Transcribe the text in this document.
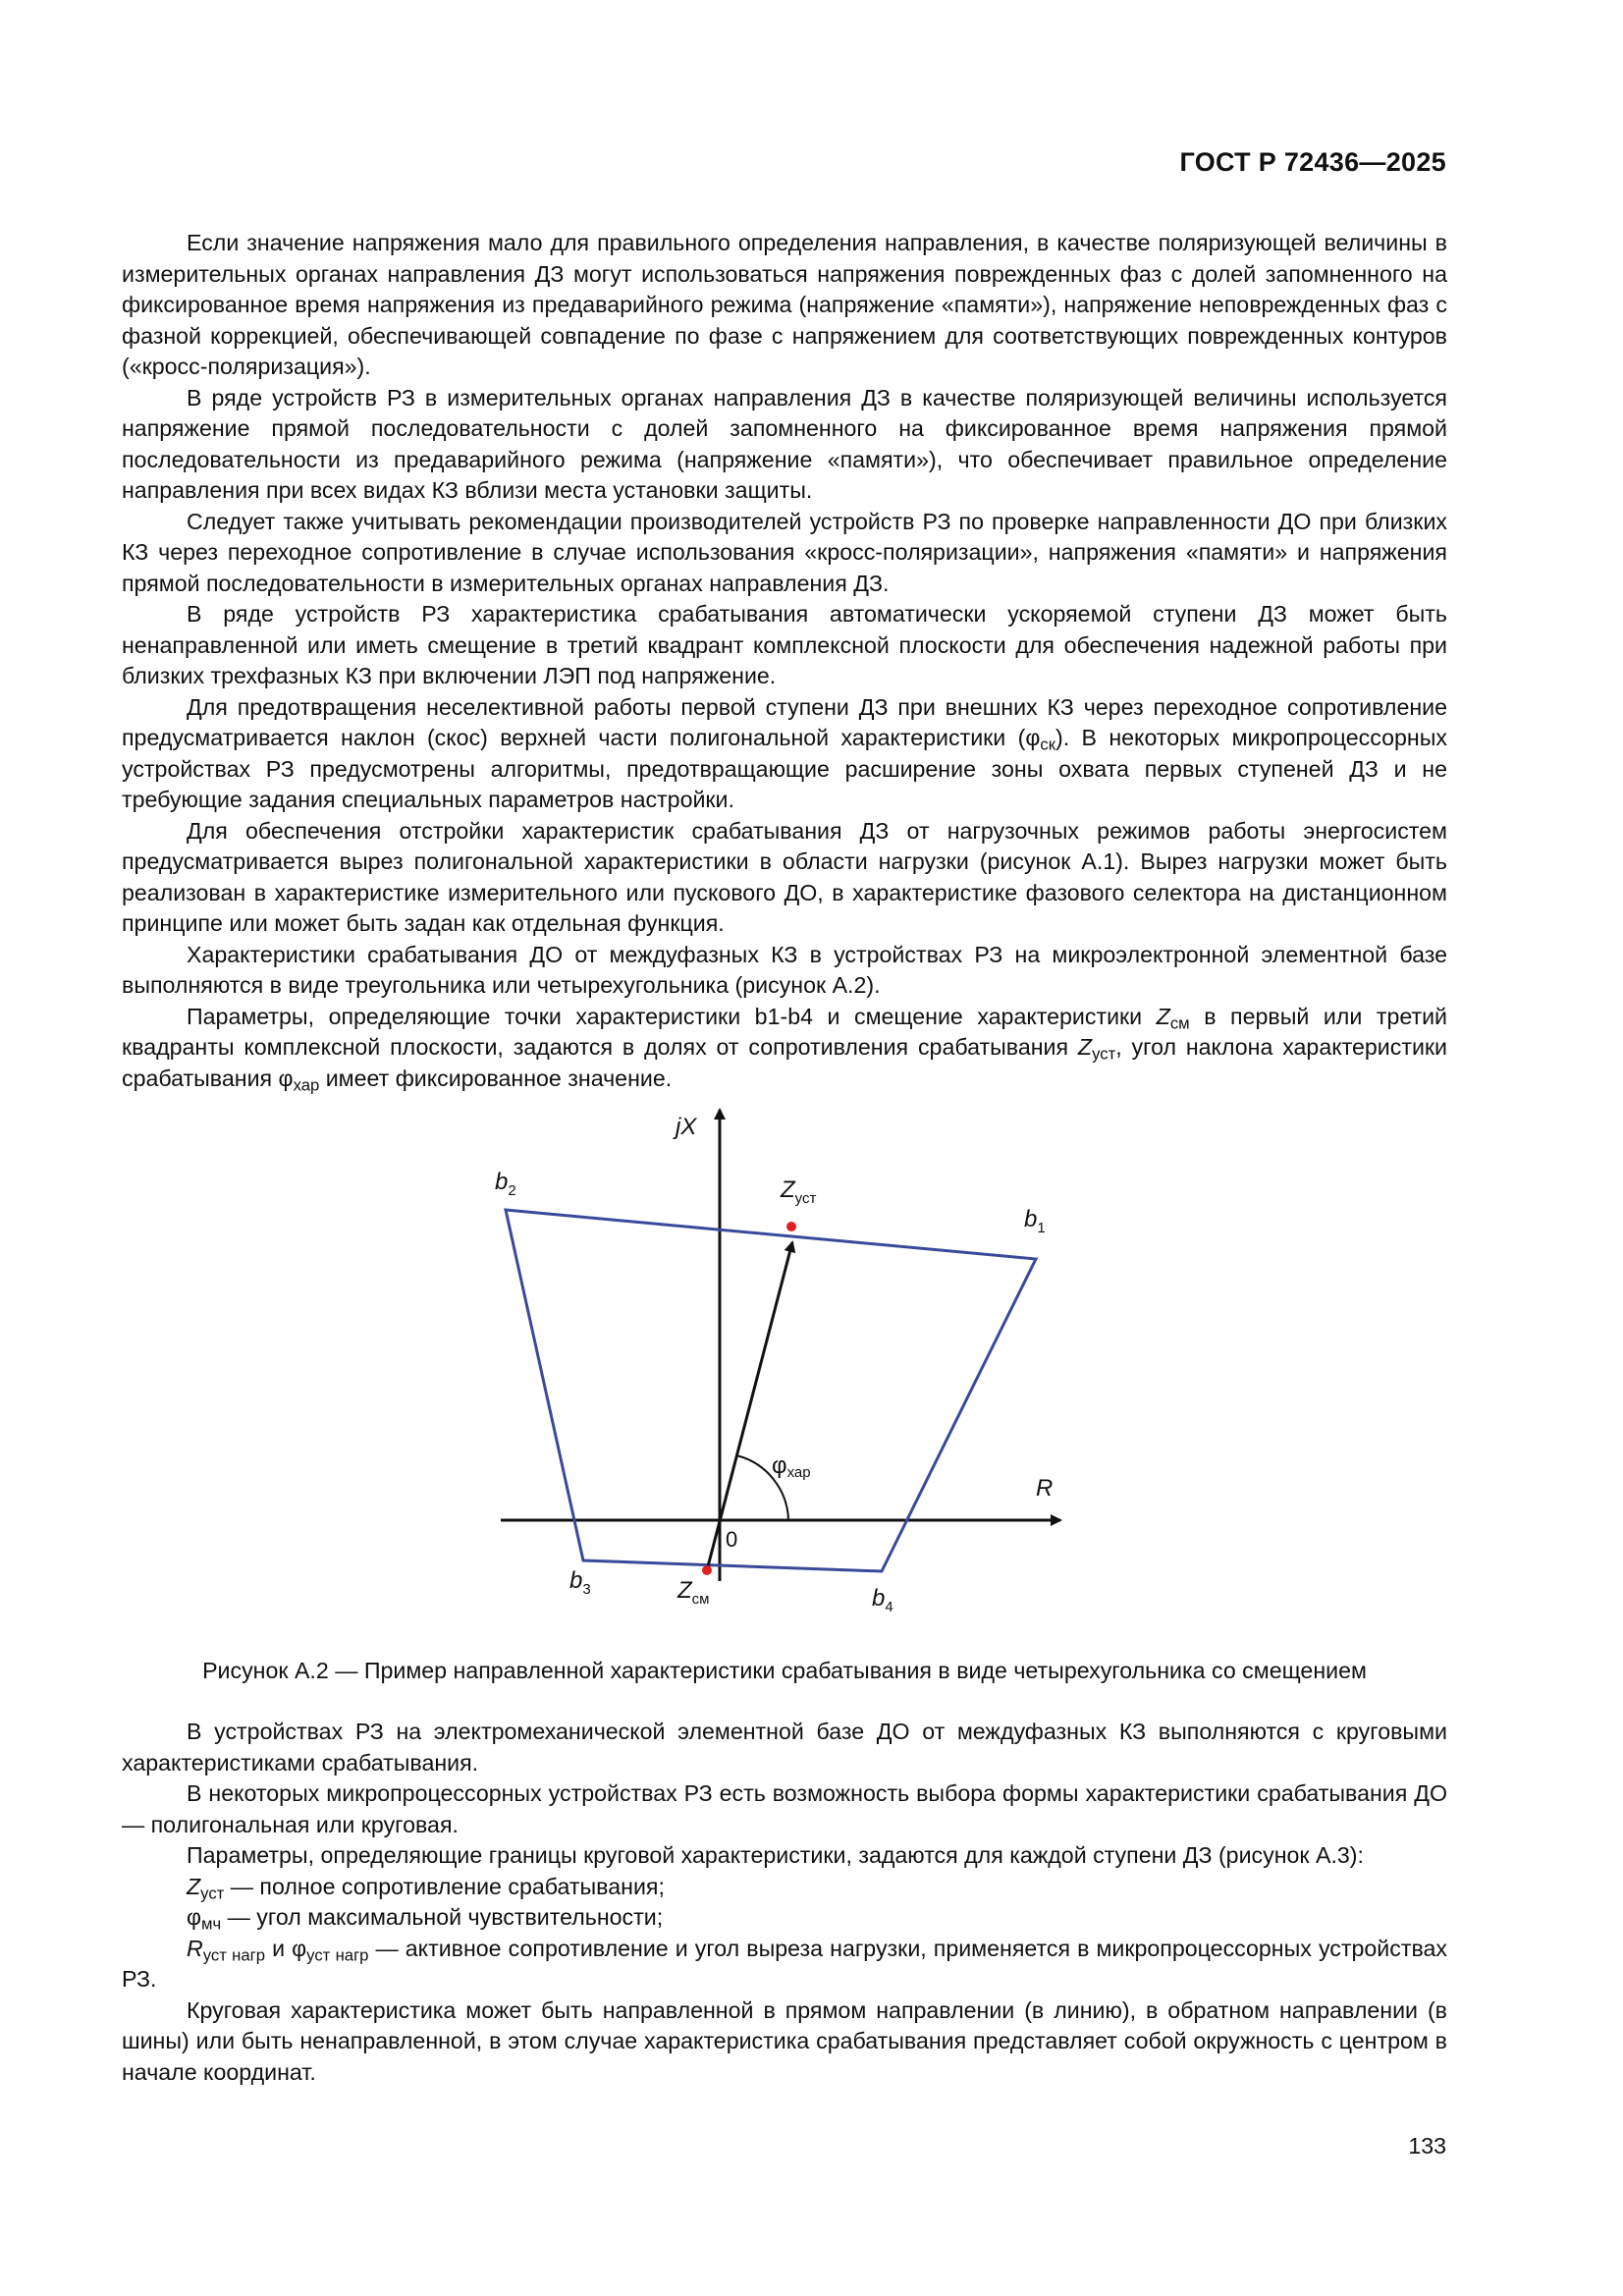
ГОСТ Р 72436—2025

Если значение напряжения мало для правильного определения направления, в качестве поляризующей величины в измерительных органах направления ДЗ могут использоваться напряжения поврежденных фаз с долей запомненного на фиксированное время напряжения из предаварийного режима (напряжение «памяти»), напряжение неповрежденных фаз с фазной коррекцией, обеспечивающей совпадение по фазе с напряжением для соответствующих поврежденных контуров («кросс-поляризация»).

В ряде устройств РЗ в измерительных органах направления ДЗ в качестве поляризующей величины используется напряжение прямой последовательности с долей запомненного на фиксированное время напряжения прямой последовательности из предаварийного режима (напряжение «памяти»), что обеспечивает правильное определение направления при всех видах КЗ вблизи места установки защиты.

Следует также учитывать рекомендации производителей устройств РЗ по проверке направленности ДО при близких КЗ через переходное сопротивление в случае использования «кросс-поляризации», напряжения «памяти» и напряжения прямой последовательности в измерительных органах направления ДЗ.

В ряде устройств РЗ характеристика срабатывания автоматически ускоряемой ступени ДЗ может быть ненаправленной или иметь смещение в третий квадрант комплексной плоскости для обеспечения надежной работы при близких трехфазных КЗ при включении ЛЭП под напряжение.

Для предотвращения неселективной работы первой ступени ДЗ при внешних КЗ через переходное сопротивление предусматривается наклон (скос) верхней части полигональной характеристики $(\varphi_{ск})$. В некоторых микропроцессорных устройствах РЗ предусмотрены алгоритмы, предотвращающие расширение зоны охвата первых ступеней ДЗ и не требующие задания специальных параметров настройки.

Для обеспечения отстройки характеристик срабатывания ДЗ от нагрузочных режимов работы энергосистем предусматривается вырез полигональной характеристики в области нагрузки (рисунок А.1). Вырез нагрузки может быть реализован в характеристике измерительного или пускового ДО, в характеристике фазового селектора на дистанционном принципе или может быть задан как отдельная функция.

Характеристики срабатывания ДО от междуфазных КЗ в устройствах РЗ на микроэлектронной элементной базе выполняются в виде треугольника или четырехугольника (рисунок А.2).

Параметры, определяющие точки характеристики b1-b4 и смещение характеристики $Z_{см}$ в первый или третий квадранты комплексной плоскости, задаются в долях от сопротивления срабатывания $Z_{уст}$, угол наклона характеристики срабатывания $\varphi_{хар}$ имеет фиксированное значение.

jX
R
0
$b_2$
$b_1$
$b_3$	$b_4$
$Z_{уст}$
$Z_{см}$
φхар
Рисунок А.2 — Пример направленной характеристики срабатывания в виде четырехугольника со смещением

В устройствах РЗ на электромеханической элементной базе ДО от междуфазных КЗ выполняются с круговыми характеристиками срабатывания.

В некоторых микропроцессорных устройствах РЗ есть возможность выбора формы характеристики срабатывания ДО — полигональная или круговая.

Параметры, определяющие границы круговой характеристики, задаются для каждой ступени ДЗ (рисунок А.3):

$Z_{уст}$ — полное сопротивление срабатывания;

$\varphi_{мч}$ — угол максимальной чувствительности;

$R_{уст нагр}$ и $\varphi_{уст нагр}$ — активное сопротивление и угол выреза нагрузки, применяется в микропроцессорных устройствах РЗ.

Круговая характеристика может быть направленной в прямом направлении (в линию), в обратном направлении (в шины) или быть ненаправленной, в этом случае характеристика срабатывания представляет собой окружность с центром в начале координат.

133
